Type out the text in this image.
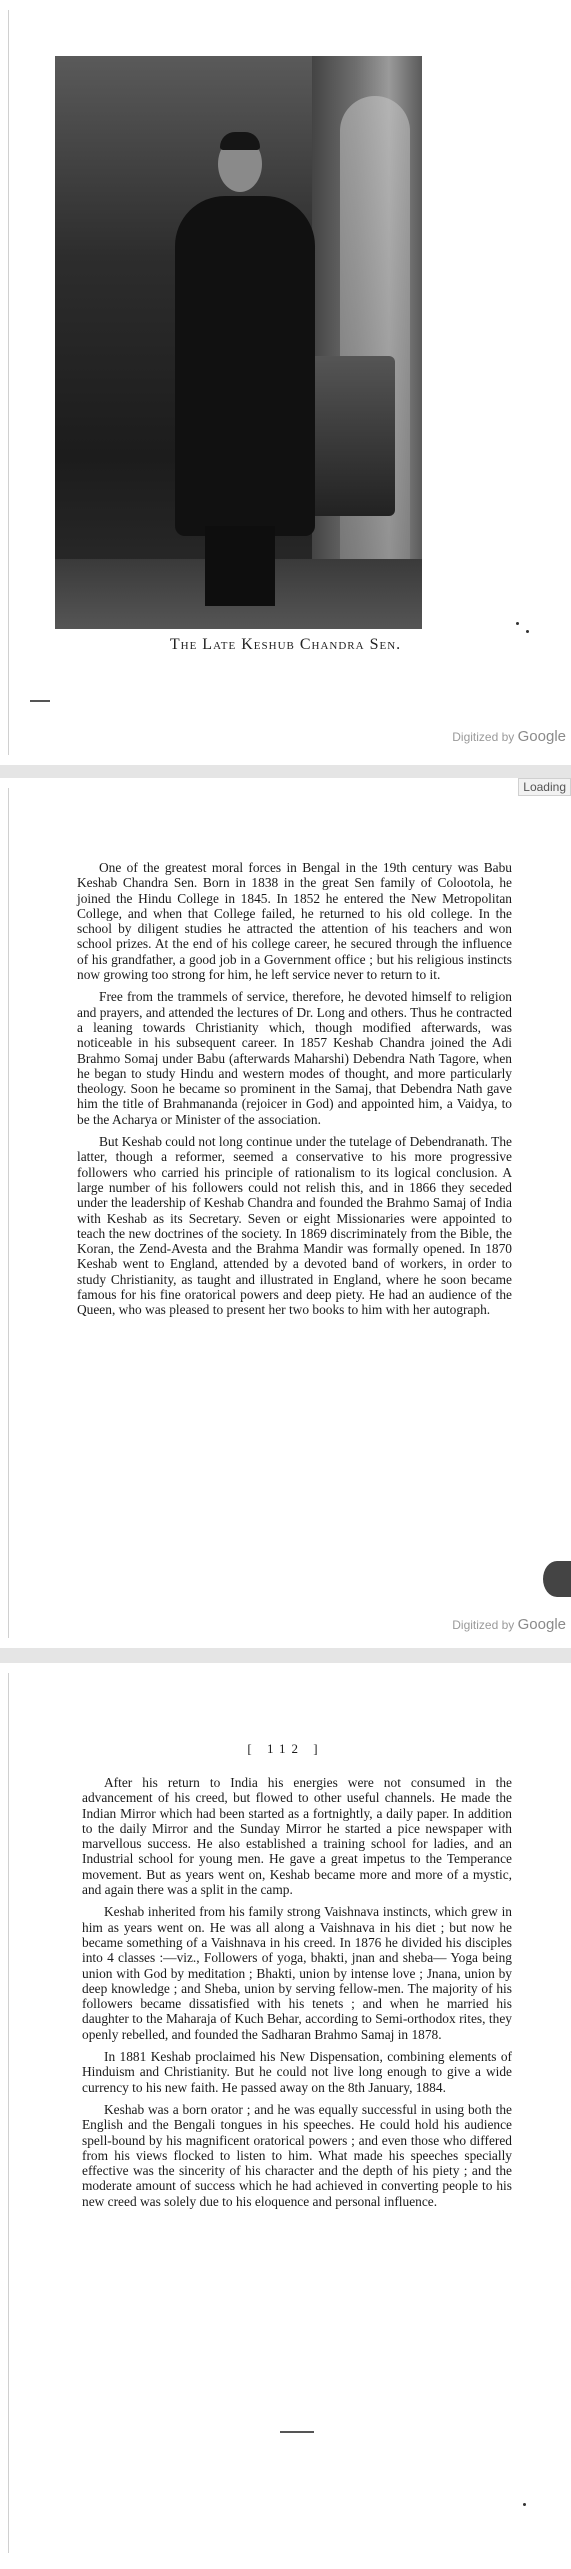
The Late Keshub Chandra Sen.
Digitized by Google
Loading

One of the greatest moral forces in Bengal in the 19th century was Babu Keshab Chandra Sen. Born in 1838 in the great Sen family of Colootola, he joined the Hindu College in 1845. In 1852 he entered the New Metropolitan College, and when that College failed, he returned to his old college. In the school by diligent studies he attracted the attention of his teachers and won school prizes. At the end of his college career, he secured through the influence of his grandfather, a good job in a Government office ; but his religious instincts now growing too strong for him, he left service never to return to it.

Free from the trammels of service, therefore, he devoted himself to religion and prayers, and attended the lectures of Dr. Long and others. Thus he contracted a leaning towards Christianity which, though modified afterwards, was noticeable in his subsequent career. In 1857 Keshab Chandra joined the Adi Brahmo Somaj under Babu (afterwards Maharshi) Debendra Nath Tagore, when he began to study Hindu and western modes of thought, and more particularly theology. Soon he became so prominent in the Samaj, that Debendra Nath gave him the title of Brahmananda (rejoicer in God) and appointed him, a Vaidya, to be the Acharya or Minister of the association.

But Keshab could not long continue under the tutelage of Debendranath. The latter, though a reformer, seemed a conservative to his more progressive followers who carried his principle of rationalism to its logical conclusion. A large number of his followers could not relish this, and in 1866 they seceded under the leadership of Keshab Chandra and founded the Brahmo Samaj of India with Keshab as its Secretary. Seven or eight Missionaries were appointed to teach the new doctrines of the society. In 1869 discriminately from the Bible, the Koran, the Zend-Avesta and the Brahma Mandir was formally opened. In 1870 Keshab went to England, attended by a devoted band of workers, in order to study Christianity, as taught and illustrated in England, where he soon became famous for his fine oratorical powers and deep piety. He had an audience of the Queen, who was pleased to present her two books to him with her autograph.

Digitized by Google
[ 112 ]

After his return to India his energies were not consumed in the advancement of his creed, but flowed to other useful channels. He made the Indian Mirror which had been started as a fortnightly, a daily paper. In addition to the daily Mirror and the Sunday Mirror he started a pice newspaper with marvellous success. He also established a training school for ladies, and an Industrial school for young men. He gave a great impetus to the Temperance movement. But as years went on, Keshab became more and more of a mystic, and again there was a split in the camp.

Keshab inherited from his family strong Vaishnava instincts, which grew in him as years went on. He was all along a Vaishnava in his diet ; but now he became something of a Vaishnava in his creed. In 1876 he divided his disciples into 4 classes :—viz., Followers of yoga, bhakti, jnan and sheba— Yoga being union with God by meditation ; Bhakti, union by intense love ; Jnana, union by deep knowledge ; and Sheba, union by serving fellow-men. The majority of his followers became dissatisfied with his tenets ; and when he married his daughter to the Maharaja of Kuch Behar, according to Semi-orthodox rites, they openly rebelled, and founded the Sadharan Brahmo Samaj in 1878.

In 1881 Keshab proclaimed his New Dispensation, combining elements of Hinduism and Christianity. But he could not live long enough to give a wide currency to his new faith. He passed away on the 8th January, 1884.

Keshab was a born orator ; and he was equally successful in using both the English and the Bengali tongues in his speeches. He could hold his audience spell-bound by his magnificent oratorical powers ; and even those who differed from his views flocked to listen to him. What made his speeches specially effective was the sincerity of his character and the depth of his piety ; and the moderate amount of success which he had achieved in converting people to his new creed was solely due to his eloquence and personal influence.
